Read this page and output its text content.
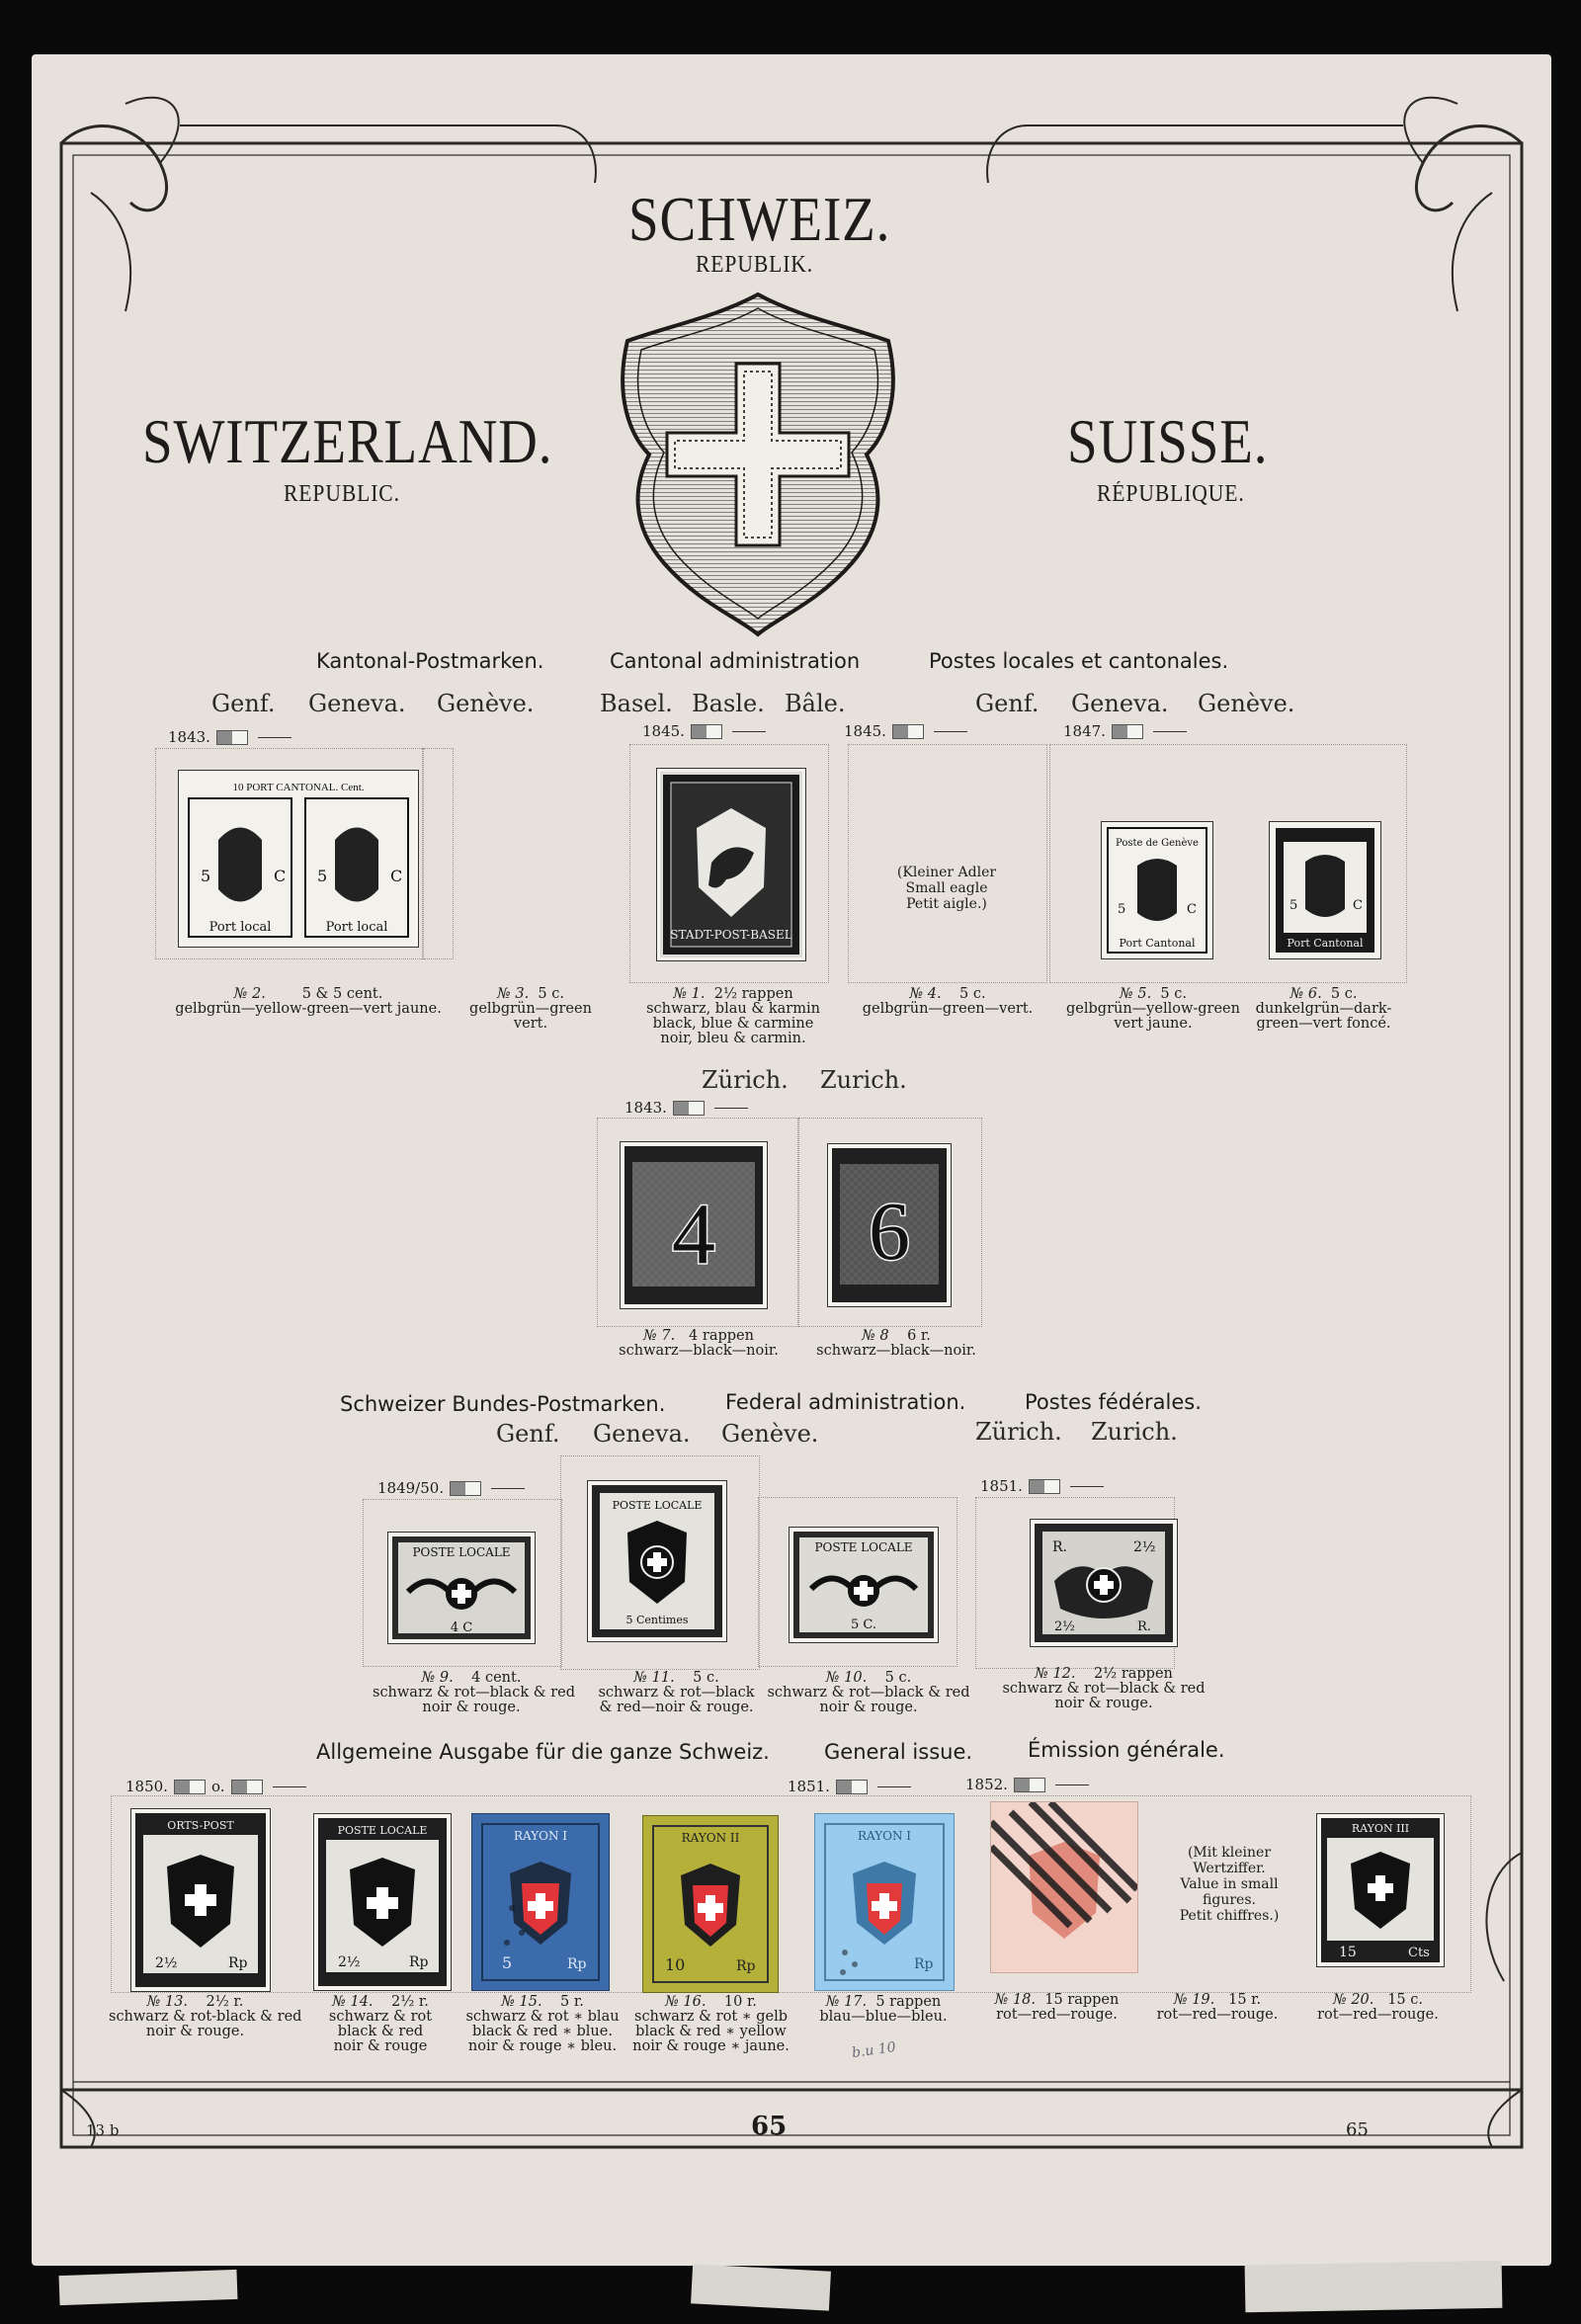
SCHWEIZ.
REPUBLIK.
SWITZERLAND.
REPUBLIC.
SUISSE.
RÉPUBLIQUE.
Kantonal-Postmarken.	Cantonal administration	Postes locales et cantonales.
Genf. Geneva. Genève.	Basel. Basle. Bâle.	Genf. Geneva. Genève.
1843.	1845.	1845.	1847.
10 PORT CANTONAL. Cent.
5	C 5	C
Port local	Port local	STADT-POST-BASEL
(Kleiner Adler
Small eagle
Petit aigle.)
Poste de Genève
5	C
Port Cantonal
5	C
Port Cantonal
№ 2.	5 & 5 cent.
gelbgrün—yellow-green—vert jaune.
№ 3. 5 c.
gelbgrün—green
vert.
№ 1. 2½ rappen
schwarz, blau & karmin
black, blue & carmine
noir, bleu & carmin.
№ 4. 5 c.
gelbgrün—green—vert.
№ 5. 5 c.
gelbgrün—yellow-green
vert jaune.
№ 6. 5 c.
dunkelgrün—dark-
green—vert foncé.
Zürich. Zurich.
1843.
4 6
№ 7. 4 rappen
schwarz—black—noir.
№ 8 6 r.
schwarz—black—noir.
Schweizer Bundes-Postmarken.	Federal administration.	Postes fédérales.
Genf. Geneva. Genève.	Zürich. Zurich.
1849/50.	1851.
POSTE LOCALE
4 C
POSTE LOCALE
5 Centimes
POSTE LOCALE
5 C.
R.	2½
2½	R.
№ 9. 4 cent.
schwarz & rot—black & red
noir & rouge.
№ 11. 5 c.
schwarz & rot—black
& red—noir & rouge.
№ 10. 5 c.
schwarz & rot—black & red
noir & rouge.
№ 12. 2½ rappen
schwarz & rot—black & red
noir & rouge.
Allgemeine Ausgabe für die ganze Schweiz.	General issue.	Émission générale.
1850.	o.	1851.	1852.
ORTS-POST
2½	Rp
POSTE LOCALE
2½	Rp
RAYON I
5	Rp
RAYON II
10	Rp
RAYON I
Rp
(Mit kleiner
Wertziffer.
Value in small
figures.
Petit chiffres.)
RAYON III
15	Cts
№ 13. 2½ r.
schwarz & rot-black & red
noir & rouge.
№ 14. 2½ r.
schwarz & rot
black & red
noir & rouge
№ 15. 5 r.
schwarz & rot ∗ blau
black & red ∗ blue.
noir & rouge ∗ bleu.
№ 16. 10 r.
schwarz & rot ∗ gelb
black & red ∗ yellow
noir & rouge ∗ jaune.
№ 17. 5 rappen
blau—blue—bleu.
b.u 10
№ 18. 15 rappen
rot—red—rouge.
№ 19. 15 r.
rot—red—rouge.
№ 20. 15 c.
rot—red—rouge.
13 b	65	65
